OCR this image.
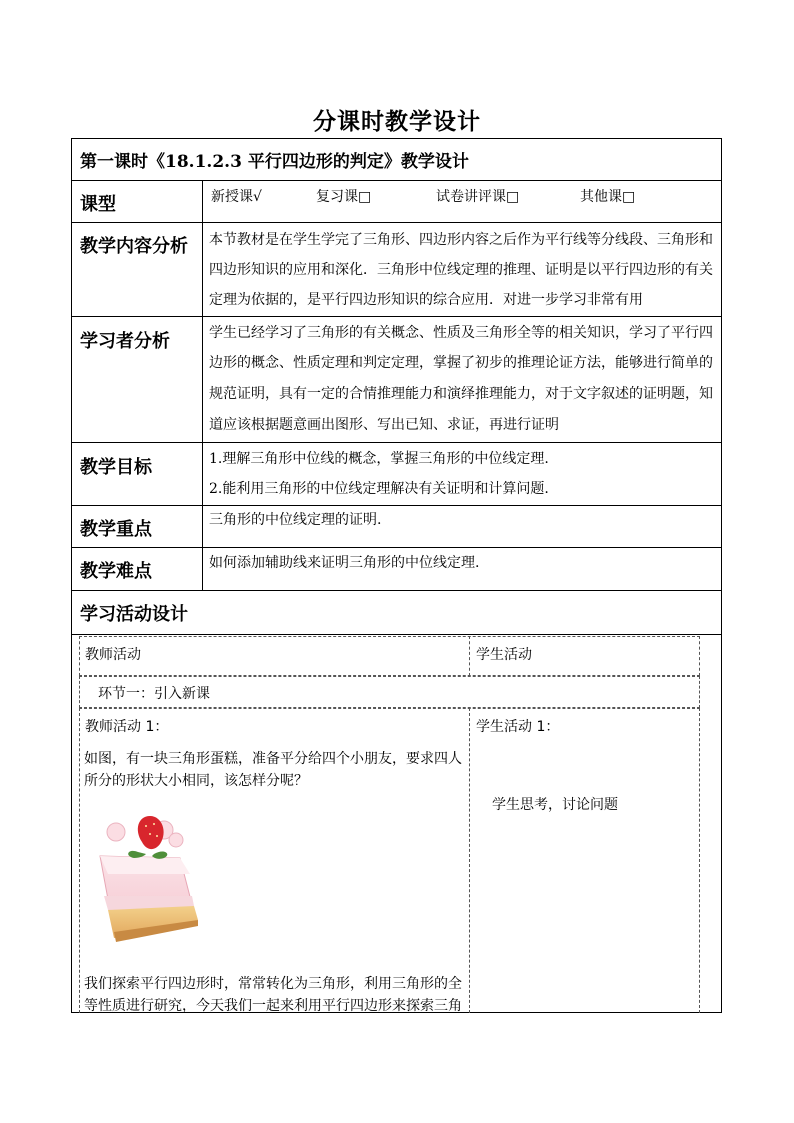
分课时教学设计
第一课时《18.1.2.3 平行四边形的判定》教学设计
课型	新授课√	复习课□	试卷讲评课□	其他课□
教学内容分析 本节教材是在学生学完了三角形、四边形内容之后作为平行线等分线段、三角形和
四边形知识的应用和深化．三角形中位线定理的推理、证明是以平行四边形的有关
定理为依据的，是平行四边形知识的综合应用．对进一步学习非常有用
学习者分析	学生已经学习了三角形的有关概念、性质及三角形全等的相关知识，学习了平行四
边形的概念、性质定理和判定定理，掌握了初步的推理论证方法，能够进行简单的
规范证明，具有一定的合情推理能力和演绎推理能力，对于文字叙述的证明题，知
道应该根据题意画出图形、写出已知、求证，再进行证明
教学目标	1.理解三角形中位线的概念，掌握三角形的中位线定理.
2.能利用三角形的中位线定理解决有关证明和计算问题.
教学重点	三角形的中位线定理的证明.
教学难点	如何添加辅助线来证明三角形的中位线定理.
学习活动设计
教师活动	学生活动
环节一：引入新课
教师活动 1：
如图，有一块三角形蛋糕，准备平分给四个小朋友，要求四人
所分的形状大小相同，该怎样分呢？
我们探索平行四边形时，常常转化为三角形，利用三角形的全
等性质进行研究，今天我们一起来利用平行四边形来探索三角
学生活动 1：
学生思考，讨论问题
